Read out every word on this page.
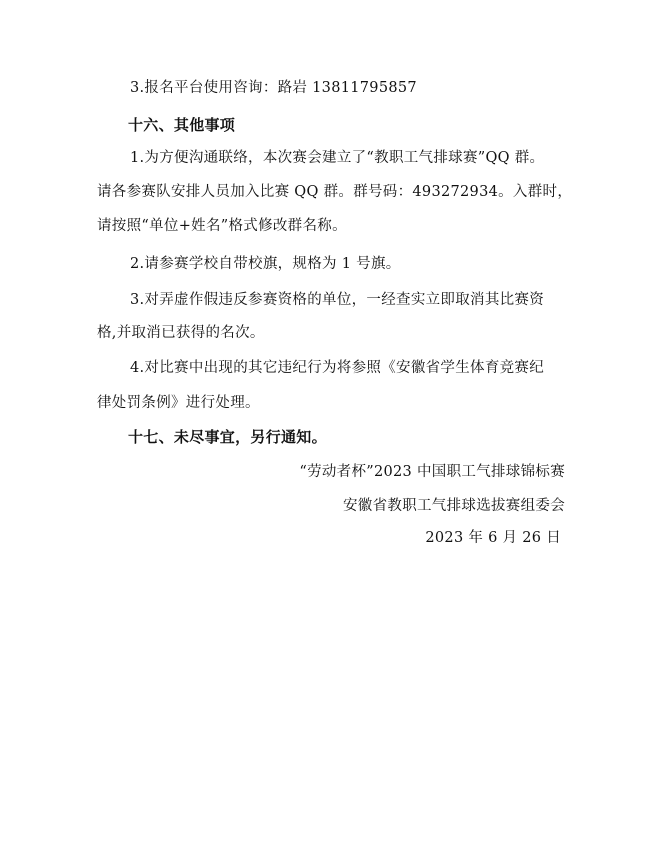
3.报名平台使用咨询：路岩 13811795857
十六、其他事项
1.为方便沟通联络，本次赛会建立了“教职工气排球赛”QQ 群。
请各参赛队安排人员加入比赛 QQ 群。群号码：493272934。入群时，
请按照“单位+姓名”格式修改群名称。
2.请参赛学校自带校旗，规格为 1 号旗。
3.对弄虚作假违反参赛资格的单位，一经查实立即取消其比赛资
格,并取消已获得的名次。
4.对比赛中出现的其它违纪行为将参照《安徽省学生体育竞赛纪
律处罚条例》进行处理。
十七、未尽事宜，另行通知。
“劳动者杯”2023 中国职工气排球锦标赛
安徽省教职工气排球选拔赛组委会
2023 年 6 月 26 日
